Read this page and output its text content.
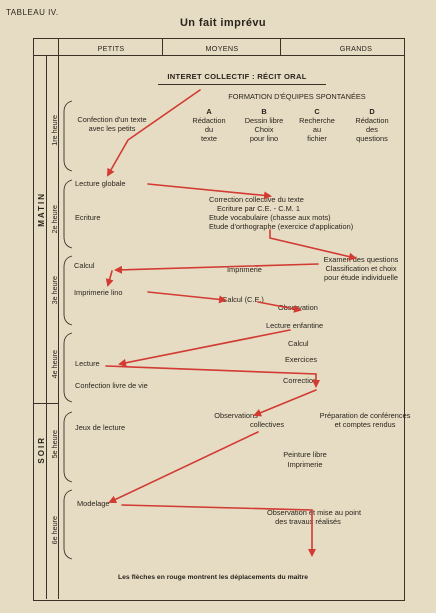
TABLEAU IV.
Un fait imprévu
PETITS	MOYENS	GRANDS
INTERET COLLECTIF : RÉCIT ORAL
FORMATION D'ÉQUIPES SPONTANÉES
MATIN
SOIR
1re heure
2e heure
3e heure
4e heure
5e heure
6e heure
A
Rédaction
du
texte
B
Dessin libre
Choix
pour lino
C
Recherche
au
fichier
D
Rédaction
des
questions
Confection d'un texte
avec les petits
Lecture globale
Ecriture
Calcul
Imprimerie lino
Lecture
Confection livre de vie
Jeux de lecture
Modelage
Correction collective du texte
Ecriture par C.E. - C.M. 1
Etude vocabulaire (chasse aux mots)
Etude d'orthographe (exercice d'application)
Examen des questions
Classification et choix
pour étude individuelle
Imprimerie
Calcul (C.E.)
Observation
Lecture enfantine
Calcul
Exercices
Correction
Observations
collectives
Préparation de conférences
et comptes rendus
Peinture libre
Imprimerie
Observation et mise au point
des travaux réalisés
Les flèches en rouge montrent les déplacements du maître
